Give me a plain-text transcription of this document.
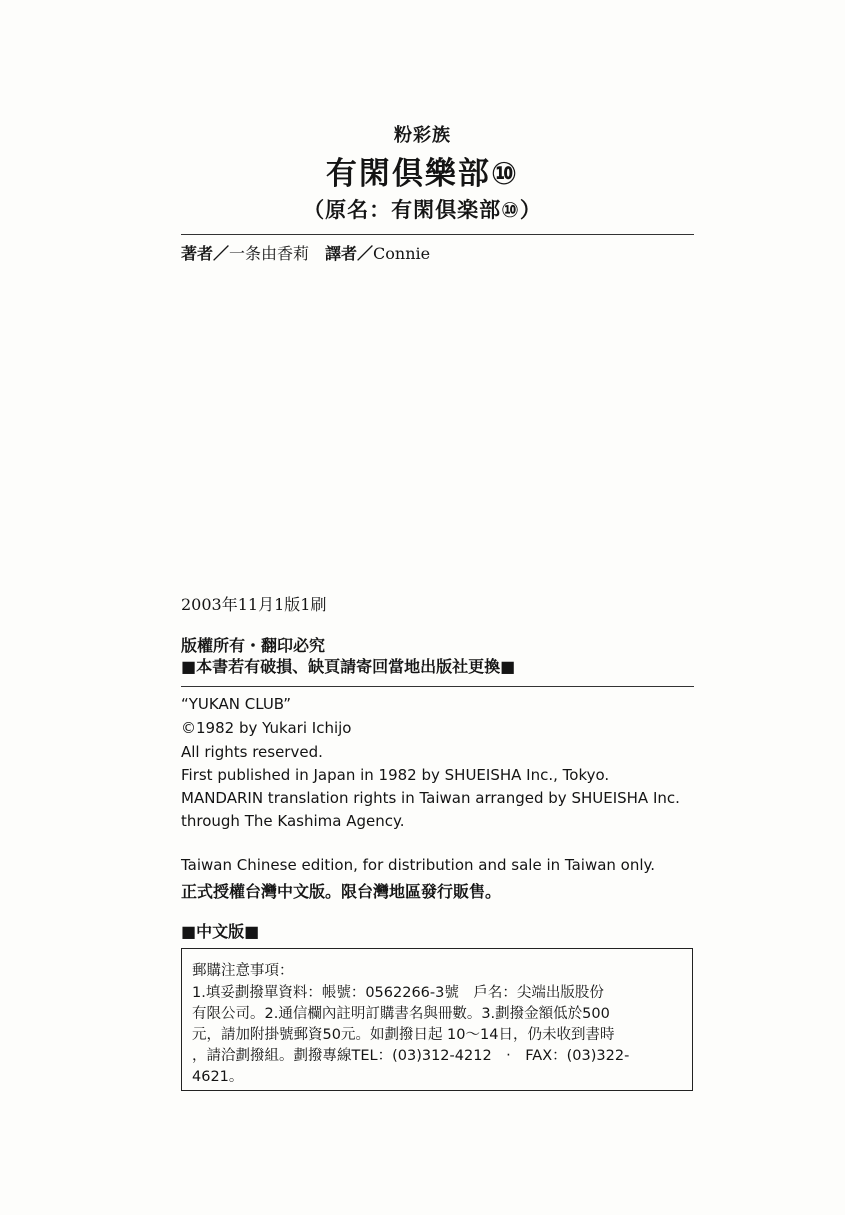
粉彩族
有閑倶樂部⑩
（原名：有閑倶楽部⑩）
著者／一条由香莉 譯者／Connie
2003年11月1版1刷
版權所有・翻印必究
■本書若有破損、缺頁請寄回當地出版社更換■
“YUKAN CLUB”
©1982 by Yukari Ichijo
All rights reserved.
First published in Japan in 1982 by SHUEISHA Inc., Tokyo.
MANDARIN translation rights in Taiwan arranged by SHUEISHA Inc.
through The Kashima Agency.
Taiwan Chinese edition, for distribution and sale in Taiwan only.
正式授權台灣中文版。限台灣地區發行販售。
■中文版■
郵購注意事項：
1.填妥劃撥單資料：帳號：0562266-3號　戶名：尖端出版股份
有限公司。2.通信欄內註明訂購書名與冊數。3.劃撥金額低於500
元，請加附掛號郵資50元。如劃撥日起 10～14日，仍未收到書時
，請洽劃撥組。劃撥專線TEL：(03)312-4212　‧　FAX：(03)322-
4621。
